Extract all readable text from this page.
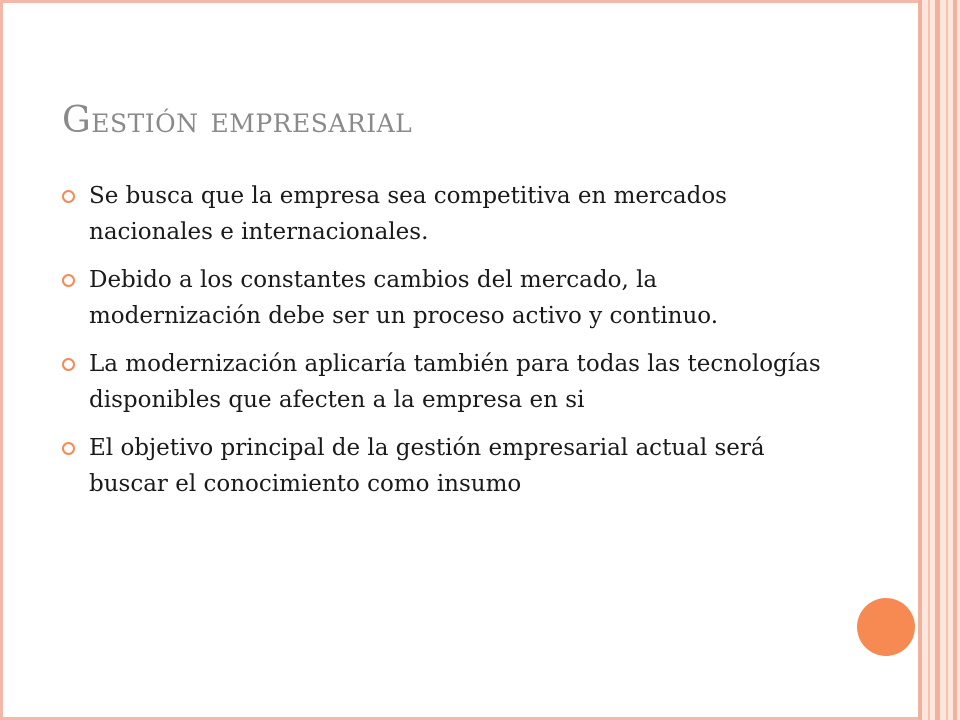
Gestión empresarial
Se busca que la empresa sea competitiva en mercados nacionales e internacionales.
Debido a los constantes cambios del mercado, la modernización debe ser un proceso activo y continuo.
La modernización aplicaría también para todas las tecnologías disponibles que afecten a la empresa en si
El objetivo principal de la gestión empresarial actual será buscar el conocimiento como insumo
